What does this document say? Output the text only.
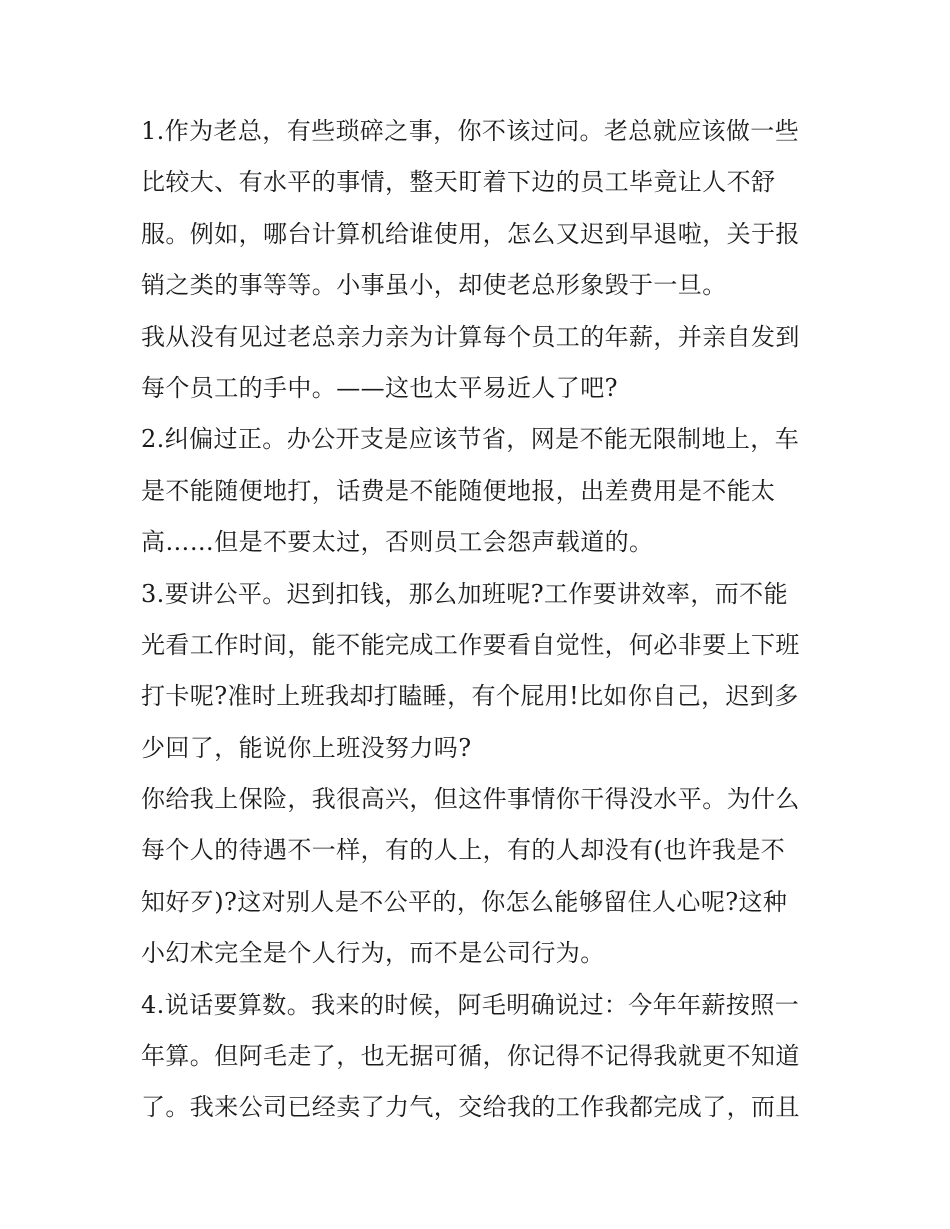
1.作为老总，有些琐碎之事，你不该过问。老总就应该做一些
比较大、有水平的事情，整天盯着下边的员工毕竟让人不舒
服。例如，哪台计算机给谁使用，怎么又迟到早退啦，关于报
销之类的事等等。小事虽小，却使老总形象毁于一旦。
我从没有见过老总亲力亲为计算每个员工的年薪，并亲自发到
每个员工的手中。——这也太平易近人了吧?
2.纠偏过正。办公开支是应该节省，网是不能无限制地上，车
是不能随便地打，话费是不能随便地报，出差费用是不能太
高……但是不要太过，否则员工会怨声载道的。
3.要讲公平。迟到扣钱，那么加班呢?工作要讲效率，而不能
光看工作时间，能不能完成工作要看自觉性，何必非要上下班
打卡呢?准时上班我却打瞌睡，有个屁用!比如你自己，迟到多
少回了，能说你上班没努力吗?
你给我上保险，我很高兴，但这件事情你干得没水平。为什么
每个人的待遇不一样，有的人上，有的人却没有(也许我是不
知好歹)?这对别人是不公平的，你怎么能够留住人心呢?这种
小幻术完全是个人行为，而不是公司行为。
4.说话要算数。我来的时候，阿毛明确说过：今年年薪按照一
年算。但阿毛走了，也无据可循，你记得不记得我就更不知道
了。我来公司已经卖了力气，交给我的工作我都完成了，而且
